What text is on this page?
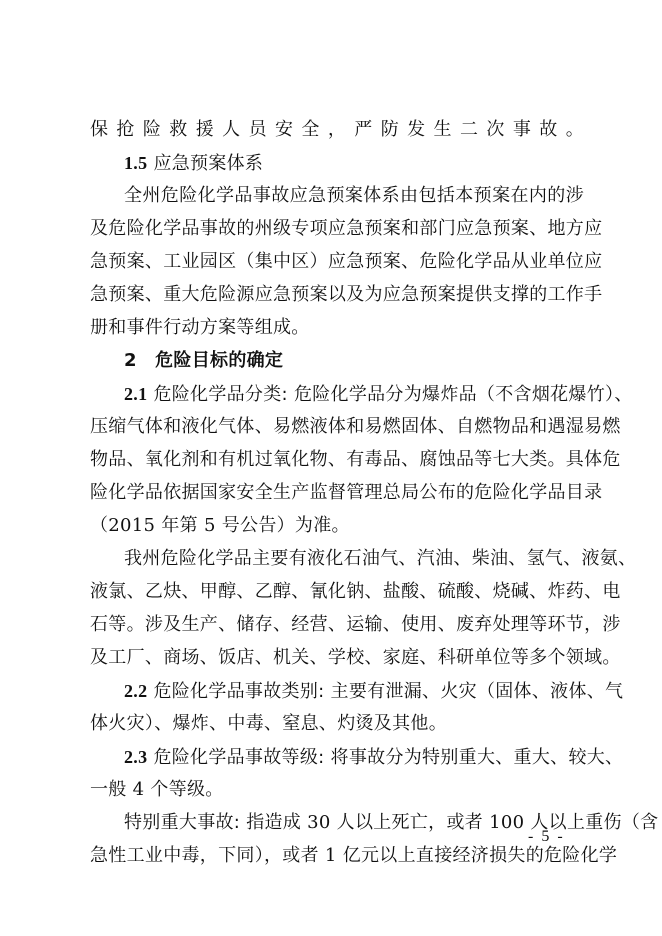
保抢险救援人员安全，严防发生二次事故。
1.5 应急预案体系
全州危险化学品事故应急预案体系由包括本预案在内的涉
及危险化学品事故的州级专项应急预案和部门应急预案、地方应
急预案、工业园区（集中区）应急预案、危险化学品从业单位应
急预案、重大危险源应急预案以及为应急预案提供支撑的工作手
册和事件行动方案等组成。
2　危险目标的确定
2.1 危险化学品分类: 危险化学品分为爆炸品（不含烟花爆竹）、
压缩气体和液化气体、易燃液体和易燃固体、自燃物品和遇湿易燃
物品、氧化剂和有机过氧化物、有毒品、腐蚀品等七大类。具体危
险化学品依据国家安全生产监督管理总局公布的危险化学品目录
（2015 年第 5 号公告）为准。
我州危险化学品主要有液化石油气、汽油、柴油、氢气、液氨、
液氯、乙炔、甲醇、乙醇、氰化钠、盐酸、硫酸、烧碱、炸药、电
石等。涉及生产、储存、经营、运输、使用、废弃处理等环节，涉
及工厂、商场、饭店、机关、学校、家庭、科研单位等多个领域。
2.2 危险化学品事故类别: 主要有泄漏、火灾（固体、液体、气
体火灾）、爆炸、中毒、窒息、灼烫及其他。
2.3 危险化学品事故等级: 将事故分为特别重大、重大、较大、
一般 4 个等级。
特别重大事故: 指造成 30 人以上死亡，或者 100 人以上重伤（含
急性工业中毒，下同），或者 1 亿元以上直接经济损失的危险化学
- 5 -
